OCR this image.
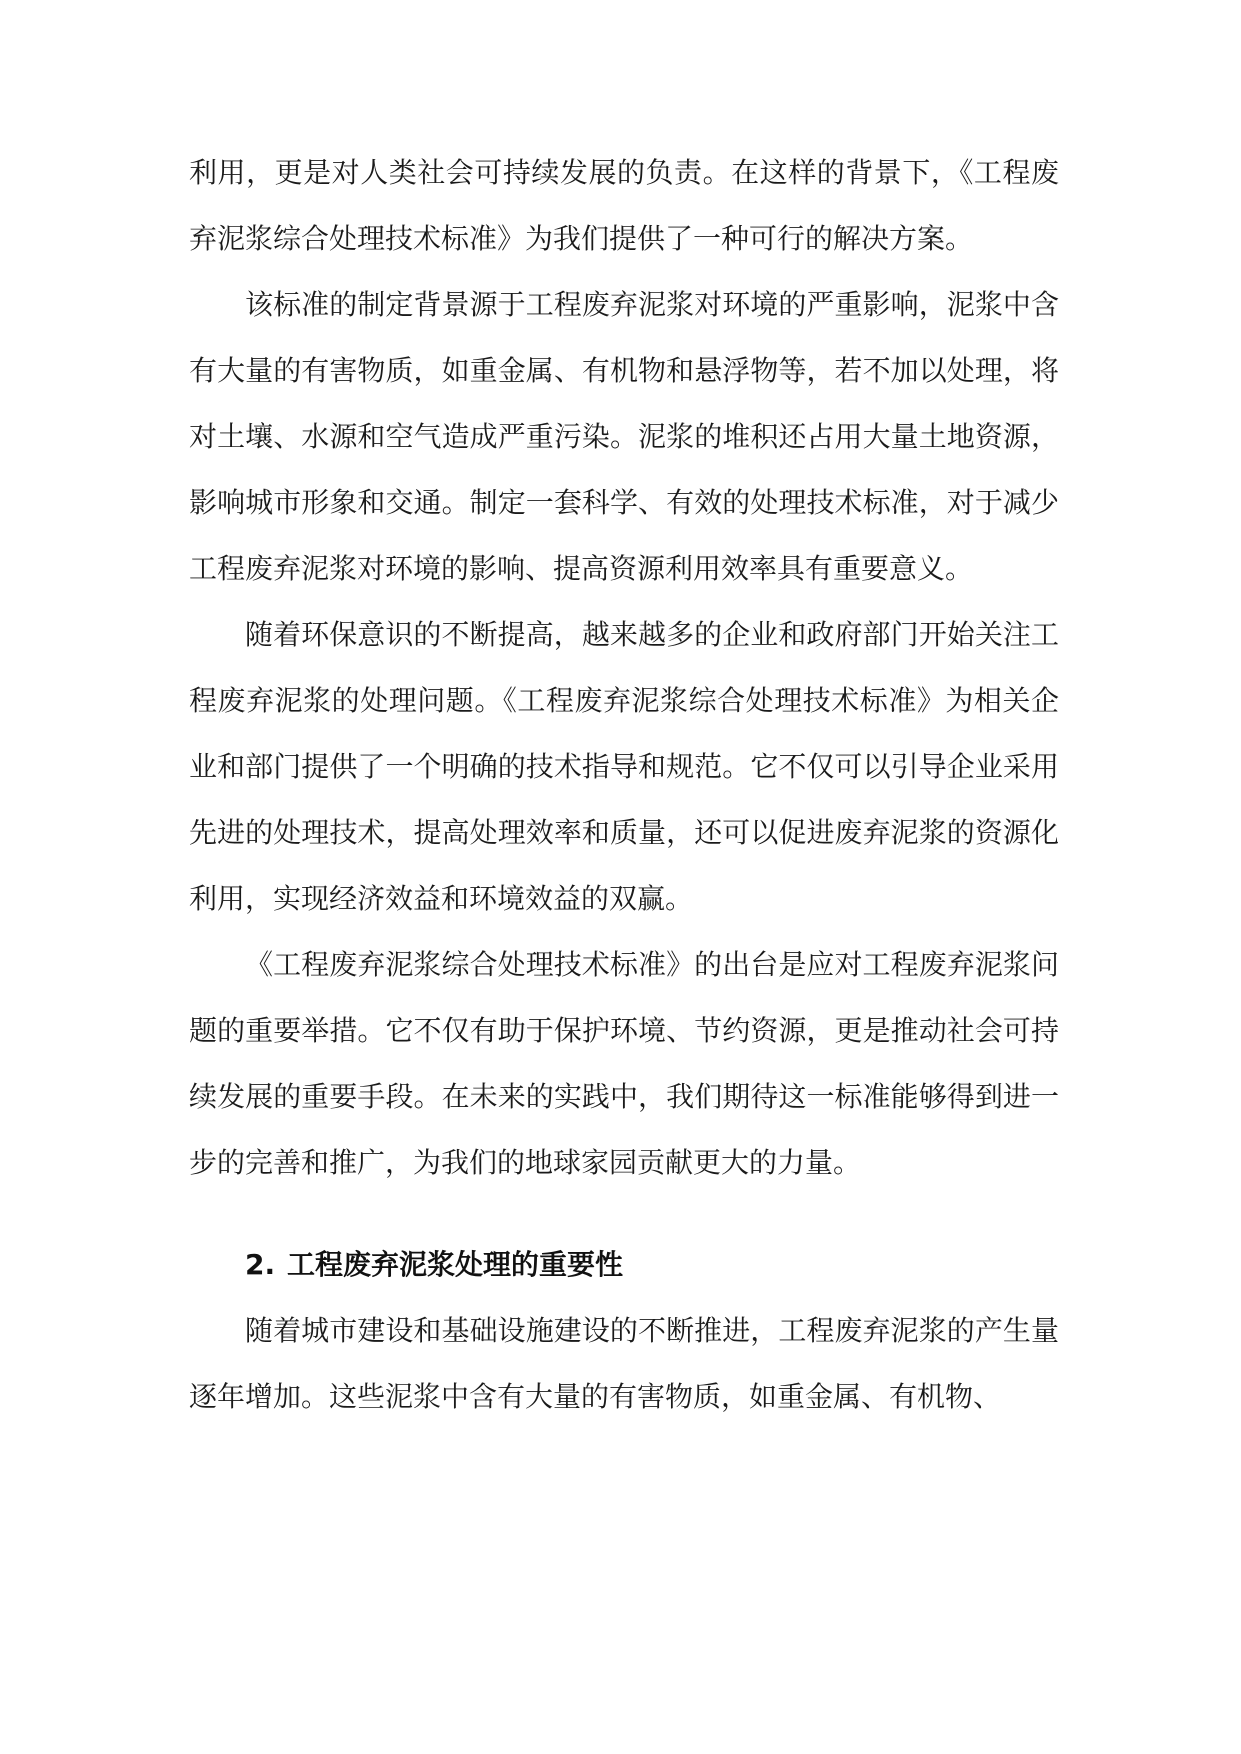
利用，更是对人类社会可持续发展的负责。在这样的背景下，《工程废弃泥浆综合处理技术标准》为我们提供了一种可行的解决方案。

该标准的制定背景源于工程废弃泥浆对环境的严重影响，泥浆中含有大量的有害物质，如重金属、有机物和悬浮物等，若不加以处理，将对土壤、水源和空气造成严重污染。泥浆的堆积还占用大量土地资源，影响城市形象和交通。制定一套科学、有效的处理技术标准，对于减少工程废弃泥浆对环境的影响、提高资源利用效率具有重要意义。

随着环保意识的不断提高，越来越多的企业和政府部门开始关注工程废弃泥浆的处理问题。《工程废弃泥浆综合处理技术标准》为相关企业和部门提供了一个明确的技术指导和规范。它不仅可以引导企业采用先进的处理技术，提高处理效率和质量，还可以促进废弃泥浆的资源化利用，实现经济效益和环境效益的双赢。

《工程废弃泥浆综合处理技术标准》的出台是应对工程废弃泥浆问题的重要举措。它不仅有助于保护环境、节约资源，更是推动社会可持续发展的重要手段。在未来的实践中，我们期待这一标准能够得到进一步的完善和推广，为我们的地球家园贡献更大的力量。

2. 工程废弃泥浆处理的重要性

随着城市建设和基础设施建设的不断推进，工程废弃泥浆的产生量逐年增加。这些泥浆中含有大量的有害物质，如重金属、有机物、
